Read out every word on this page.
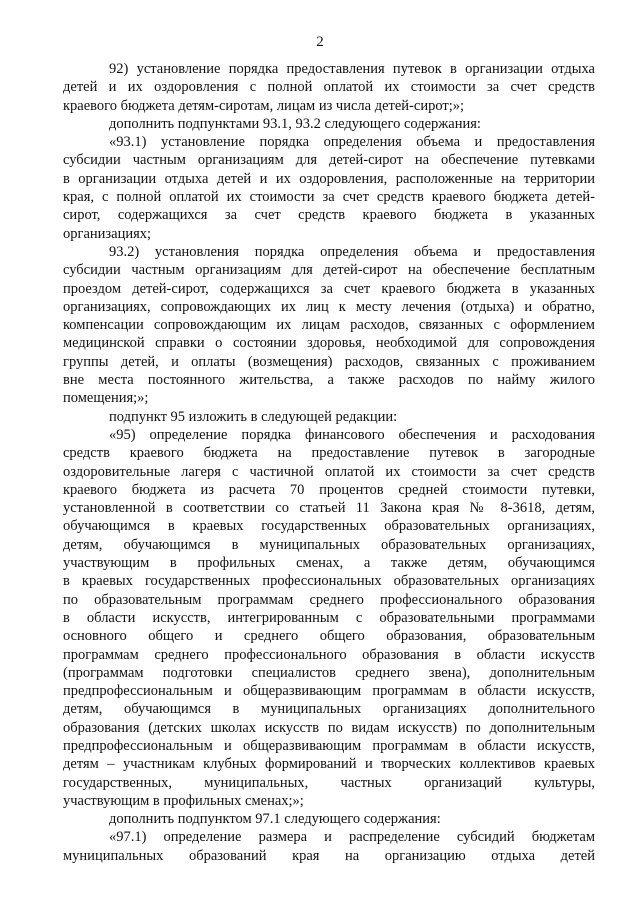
2
92) установление порядка предоставления путевок в организации отдыха
детей и их оздоровления с полной оплатой их стоимости за счет средств
краевого бюджета детям-сиротам, лицам из числа детей-сирот;»;
дополнить подпунктами 93.1, 93.2 следующего содержания:
«93.1) установление порядка определения объема и предоставления
субсидии частным организациям для детей-сирот на обеспечение путевками
в организации отдыха детей и их оздоровления, расположенные на территории
края, с полной оплатой их стоимости за счет средств краевого бюджета детей-
сирот, содержащихся за счет средств краевого бюджета в указанных
организациях;
93.2) установления порядка определения объема и предоставления
субсидии частным организациям для детей-сирот на обеспечение бесплатным
проездом детей-сирот, содержащихся за счет краевого бюджета в указанных
организациях, сопровождающих их лиц к месту лечения (отдыха) и обратно,
компенсации сопровождающим их лицам расходов, связанных с оформлением
медицинской справки о состоянии здоровья, необходимой для сопровождения
группы детей, и оплаты (возмещения) расходов, связанных с проживанием
вне места постоянного жительства, а также расходов по найму жилого
помещения;»;
подпункт 95 изложить в следующей редакции:
«95) определение порядка финансового обеспечения и расходования
средств краевого бюджета на предоставление путевок в загородные
оздоровительные лагеря с частичной оплатой их стоимости за счет средств
краевого бюджета из расчета 70 процентов средней стоимости путевки,
установленной в соответствии со статьей 11 Закона края № 8-3618, детям,
обучающимся в краевых государственных образовательных организациях,
детям, обучающимся в муниципальных образовательных организациях,
участвующим в профильных сменах, а также детям, обучающимся
в краевых государственных профессиональных образовательных организациях
по образовательным программам среднего профессионального образования
в области искусств, интегрированным с образовательными программами
основного общего и среднего общего образования, образовательным
программам среднего профессионального образования в области искусств
(программам подготовки специалистов среднего звена), дополнительным
предпрофессиональным и общеразвивающим программам в области искусств,
детям, обучающимся в муниципальных организациях дополнительного
образования (детских школах искусств по видам искусств) по дополнительным
предпрофессиональным и общеразвивающим программам в области искусств,
детям – участникам клубных формирований и творческих коллективов краевых
государственных, муниципальных, частных организаций культуры,
участвующим в профильных сменах;»;
дополнить подпунктом 97.1 следующего содержания:
«97.1) определение размера и распределение субсидий бюджетам
муниципальных образований края на организацию отдыха детей
